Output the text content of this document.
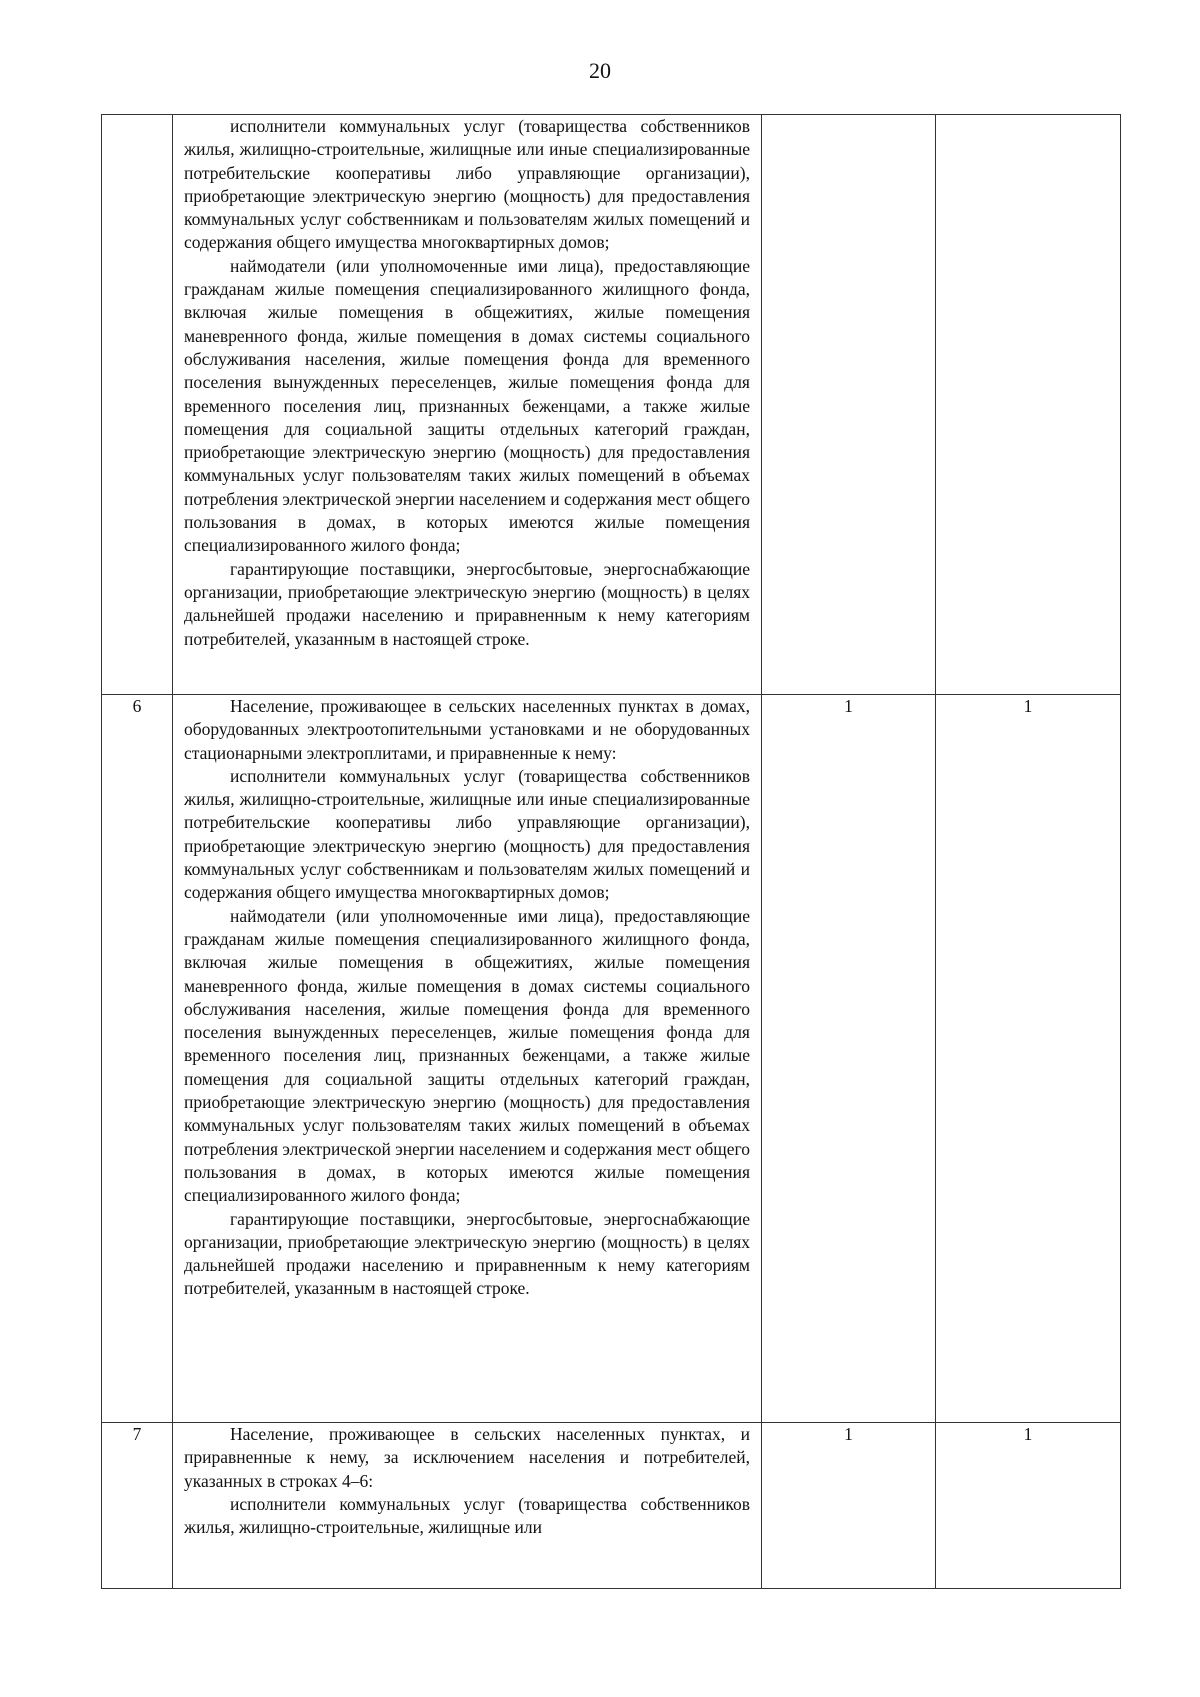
20

	исполнители коммунальных услуг (товарищества собственников жилья, жилищно-строительные, жилищные или иные специализированные потребительские кооперативы либо управляющие организации), приобретающие электрическую энергию (мощность) для предоставления коммунальных услуг собственникам и пользователям жилых помещений и содержания общего имущества многоквартирных домов;

наймодатели (или уполномоченные ими лица), предоставляющие гражданам жилые помещения специализированного жилищного фонда, включая жилые помещения в общежитиях, жилые помещения маневренного фонда, жилые помещения в домах системы социального обслуживания населения, жилые помещения фонда для временного поселения вынужденных переселенцев, жилые помещения фонда для временного поселения лиц, признанных беженцами, а также жилые помещения для социальной защиты отдельных категорий граждан, приобретающие электрическую энергию (мощность) для предоставления коммунальных услуг пользователям таких жилых помещений в объемах потребления электрической энергии населением и содержания мест общего пользования в домах, в которых имеются жилые помещения специализированного жилого фонда;

гарантирующие поставщики, энергосбытовые, энергоснабжающие организации, приобретающие электрическую энергию (мощность) в целях дальнейшей продажи населению и приравненным к нему категориям потребителей, указанным в настоящей строке.		

6	Население, проживающее в сельских населенных пунктах в домах, оборудованных электроотопительными установками и не оборудованных стационарными электроплитами, и приравненные к нему:

исполнители коммунальных услуг (товарищества собственников жилья, жилищно-строительные, жилищные или иные специализированные потребительские кооперативы либо управляющие организации), приобретающие электрическую энергию (мощность) для предоставления коммунальных услуг собственникам и пользователям жилых помещений и содержания общего имущества многоквартирных домов;

наймодатели (или уполномоченные ими лица), предоставляющие гражданам жилые помещения специализированного жилищного фонда, включая жилые помещения в общежитиях, жилые помещения маневренного фонда, жилые помещения в домах системы социального обслуживания населения, жилые помещения фонда для временного поселения вынужденных переселенцев, жилые помещения фонда для временного поселения лиц, признанных беженцами, а также жилые помещения для социальной защиты отдельных категорий граждан, приобретающие электрическую энергию (мощность) для предоставления коммунальных услуг пользователям таких жилых помещений в объемах потребления электрической энергии населением и содержания мест общего пользования в домах, в которых имеются жилые помещения специализированного жилого фонда;

гарантирующие поставщики, энергосбытовые, энергоснабжающие организации, приобретающие электрическую энергию (мощность) в целях дальнейшей продажи населению и приравненным к нему категориям потребителей, указанным в настоящей строке.	1	1
7	Население, проживающее в сельских населенных пунктах, и приравненные к нему, за исключением населения и потребителей, указанных в строках 4–6:

исполнители коммунальных услуг (товарищества собственников жилья, жилищно-строительные, жилищные или	1	1
